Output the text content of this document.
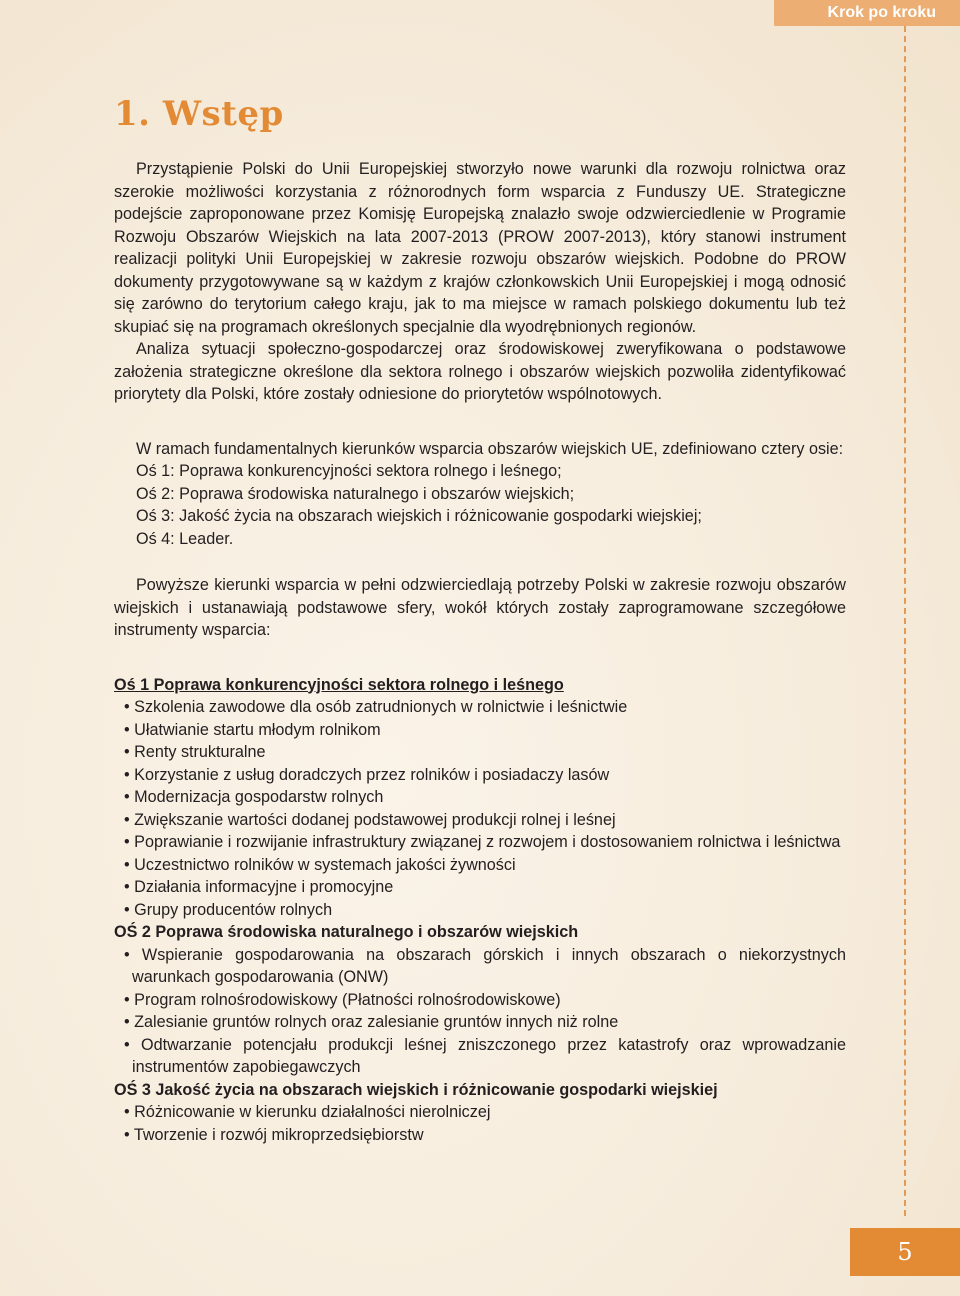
Krok po kroku
1. Wstęp

Przystąpienie Polski do Unii Europejskiej stworzyło nowe warunki dla rozwoju rolnictwa oraz szerokie możliwości korzystania z różnorodnych form wsparcia z Funduszy UE. Strategiczne podejście zaproponowane przez Komisję Europejską znalazło swoje odzwierciedlenie w Programie Rozwoju Obszarów Wiejskich na lata 2007-2013 (PROW 2007-2013), który stanowi instrument realizacji polityki Unii Europejskiej w zakresie rozwoju obszarów wiejskich. Podobne do PROW dokumenty przygotowywane są w każdym z krajów członkowskich Unii Europejskiej i mogą odnosić się zarówno do terytorium całego kraju, jak to ma miejsce w ramach polskiego dokumentu lub też skupiać się na programach określonych specjalnie dla wyodrębnionych regionów.

Analiza sytuacji społeczno-gospodarczej oraz środowiskowej zweryfikowana o podstawowe założenia strategiczne określone dla sektora rolnego i obszarów wiejskich pozwoliła zidentyfikować priorytety dla Polski, które zostały odniesione do priorytetów wspólnotowych.

W ramach fundamentalnych kierunków wsparcia obszarów wiejskich UE, zdefiniowano cztery osie:

Oś 1: Poprawa konkurencyjności sektora rolnego i leśnego;

Oś 2: Poprawa środowiska naturalnego i obszarów wiejskich;

Oś 3: Jakość życia na obszarach wiejskich i różnicowanie gospodarki wiejskiej;

Oś 4: Leader.

Powyższe kierunki wsparcia w pełni odzwierciedlają potrzeby Polski w zakresie rozwoju obszarów wiejskich i ustanawiają podstawowe sfery, wokół których zostały zaprogramowane szczegółowe instrumenty wsparcia:

Oś 1 Poprawa konkurencyjności sektora rolnego i leśnego

• Szkolenia zawodowe dla osób zatrudnionych w rolnictwie i leśnictwie

• Ułatwianie startu młodym rolnikom

• Renty strukturalne

• Korzystanie z usług doradczych przez rolników i posiadaczy lasów

• Modernizacja gospodarstw rolnych

• Zwiększanie wartości dodanej podstawowej produkcji rolnej i leśnej

• Poprawianie i rozwijanie infrastruktury związanej z rozwojem i dostosowaniem rolnictwa i leśnictwa

• Uczestnictwo rolników w systemach jakości żywności

• Działania informacyjne i promocyjne

• Grupy producentów rolnych

OŚ 2 Poprawa środowiska naturalnego i obszarów wiejskich

• Wspieranie gospodarowania na obszarach górskich i innych obszarach o niekorzystnych warunkach gospodarowania (ONW)

• Program rolnośrodowiskowy (Płatności rolnośrodowiskowe)

• Zalesianie gruntów rolnych oraz zalesianie gruntów innych niż rolne

• Odtwarzanie potencjału produkcji leśnej zniszczonego przez katastrofy oraz wprowadzanie instrumentów zapobiegawczych

OŚ 3 Jakość życia na obszarach wiejskich i różnicowanie gospodarki wiejskiej

• Różnicowanie w kierunku działalności nierolniczej

• Tworzenie i rozwój mikroprzedsiębiorstw

5
